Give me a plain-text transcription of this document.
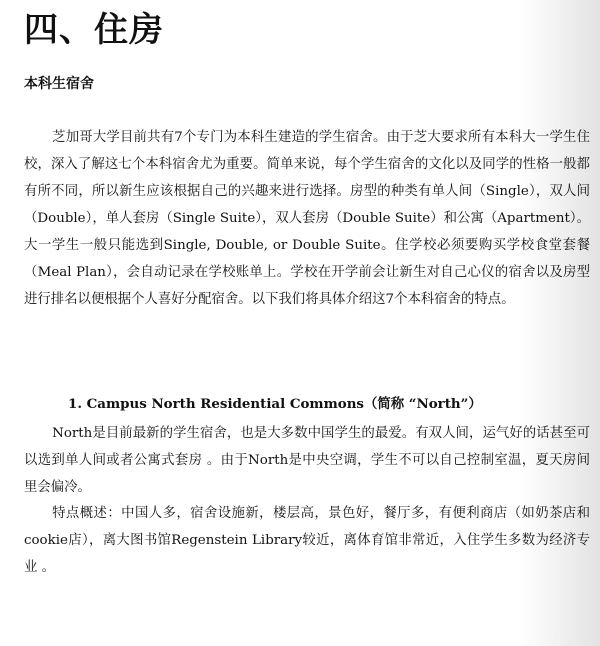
四、住房
本科生宿舍

芝加哥大学目前共有7个专门为本科生建造的学生宿舍。由于芝大要求所有本科大一学生住校，深入了解这七个本科宿舍尤为重要。简单来说，每个学生宿舍的文化以及同学的性格一般都有所不同，所以新生应该根据自己的兴趣来进行选择。房型的种类有单人间（Single），双人间（Double），单人套房（Single Suite），双人套房（Double Suite）和公寓（Apartment）。大一学生一般只能选到Single, Double, or Double Suite。住学校必须要购买学校食堂套餐（Meal Plan），会自动记录在学校账单上。学校在开学前会让新生对自己心仪的宿舍以及房型进行排名以便根据个人喜好分配宿舍。以下我们将具体介绍这7个本科宿舍的特点。

1. Campus North Residential Commons（简称 “North”）

North是目前最新的学生宿舍，也是大多数中国学生的最爱。有双人间，运气好的话甚至可以选到单人间或者公寓式套房 。由于North是中央空调，学生不可以自己控制室温，夏天房间里会偏冷。

特点概述：中国人多，宿舍设施新，楼层高，景色好，餐厅多，有便利商店（如奶茶店和cookie店），离大图书馆Regenstein Library较近，离体育馆非常近，入住学生多数为经济专业 。
